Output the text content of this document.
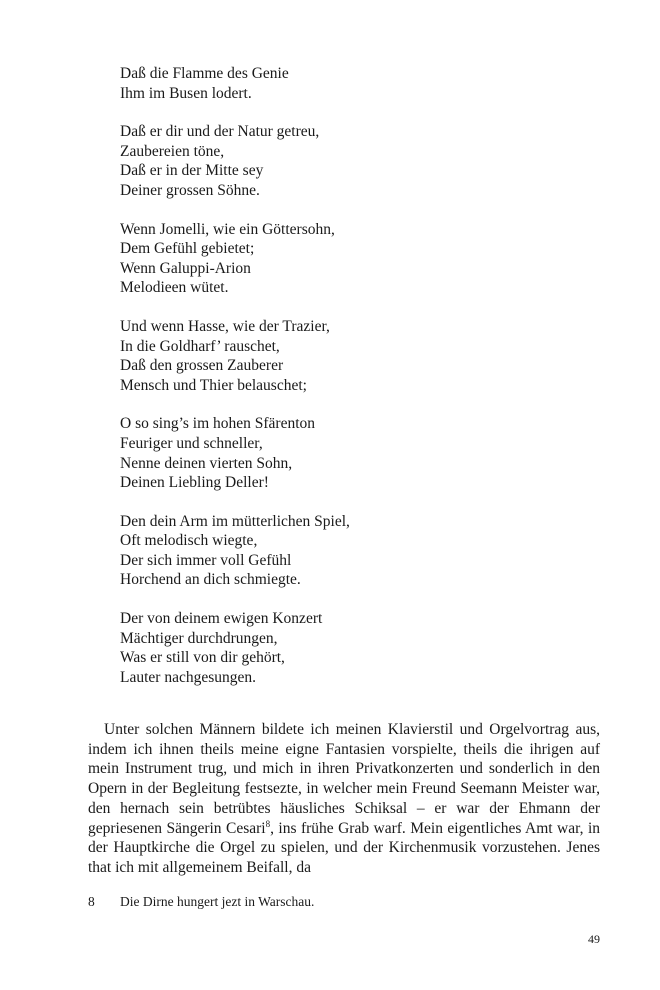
Daß die Flamme des Genie
Ihm im Busen lodert.
Daß er dir und der Natur getreu,
Zaubereien töne,
Daß er in der Mitte sey
Deiner grossen Söhne.
Wenn Jomelli, wie ein Göttersohn,
Dem Gefühl gebietet;
Wenn Galuppi-Arion
Melodieen wütet.
Und wenn Hasse, wie der Trazier,
In die Goldharf’ rauschet,
Daß den grossen Zauberer
Mensch und Thier belauschet;
O so sing’s im hohen Sfärenton
Feuriger und schneller,
Nenne deinen vierten Sohn,
Deinen Liebling Deller!
Den dein Arm im mütterlichen Spiel,
Oft melodisch wiegte,
Der sich immer voll Gefühl
Horchend an dich schmiegte.
Der von deinem ewigen Konzert
Mächtiger durchdrungen,
Was er still von dir gehört,
Lauter nachgesungen.

Unter solchen Männern bildete ich meinen Klavierstil und Orgelvortrag aus, indem ich ihnen theils meine eigne Fantasien vorspielte, theils die ihrigen auf mein Instrument trug, und mich in ihren Privatkonzerten und sonderlich in den Opern in der Begleitung festsezte, in welcher mein Freund Seemann Meister war, den hernach sein betrübtes häusliches Schiksal – er war der Ehmann der gepriesenen Sängerin Cesari$^8$, ins frühe Grab warf. Mein eigentliches Amt war, in der Hauptkirche die Orgel zu spielen, und der Kirchenmusik vorzustehen. Jenes that ich mit allgemeinem Beifall, da

8 Die Dirne hungert jezt in Warschau.
49
